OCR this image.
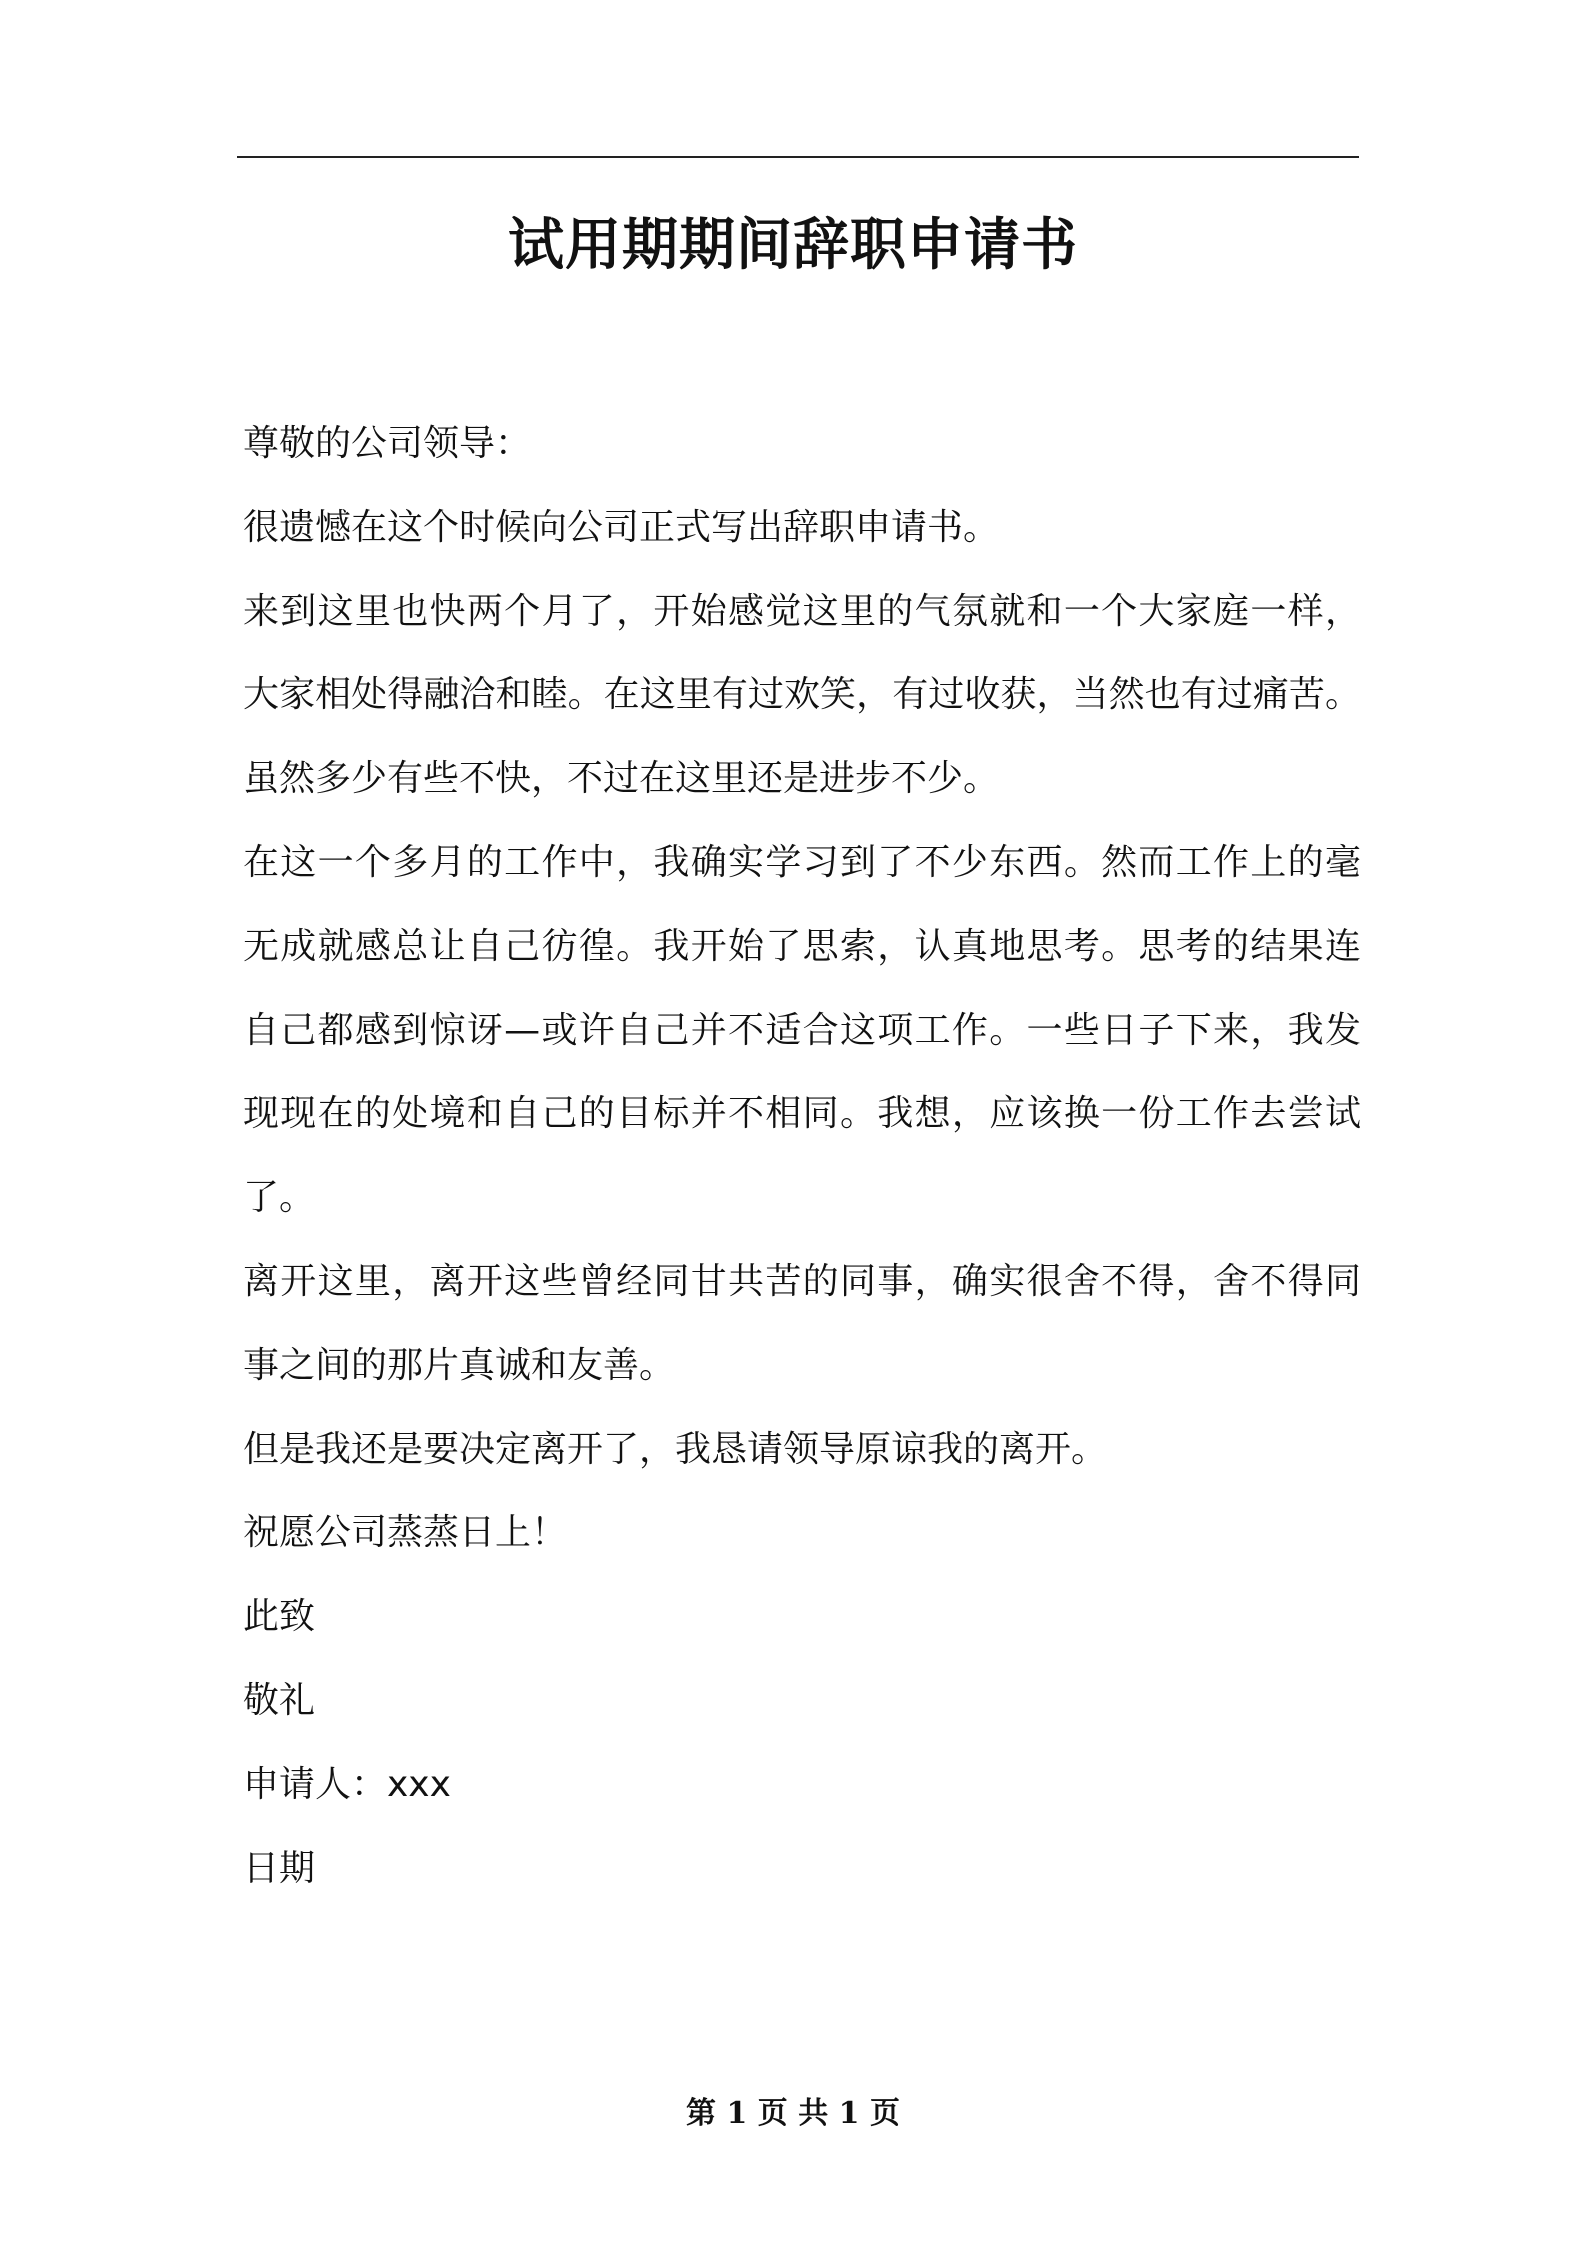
试用期期间辞职申请书
尊敬的公司领导：
很遗憾在这个时候向公司正式写出辞职申请书。
来到这里也快两个月了，开始感觉这里的气氛就和一个大家庭一样，
大家相处得融洽和睦。在这里有过欢笑，有过收获，当然也有过痛苦。
虽然多少有些不快，不过在这里还是进步不少。
在这一个多月的工作中，我确实学习到了不少东西。然而工作上的毫
无成就感总让自己彷徨。我开始了思索，认真地思考。思考的结果连
自己都感到惊讶—或许自己并不适合这项工作。一些日子下来，我发
现现在的处境和自己的目标并不相同。我想，应该换一份工作去尝试
了。
离开这里，离开这些曾经同甘共苦的同事，确实很舍不得，舍不得同
事之间的那片真诚和友善。
但是我还是要决定离开了，我恳请领导原谅我的离开。
祝愿公司蒸蒸日上！
此致
敬礼
申请人：xxx
日期
第 1 页 共 1 页
